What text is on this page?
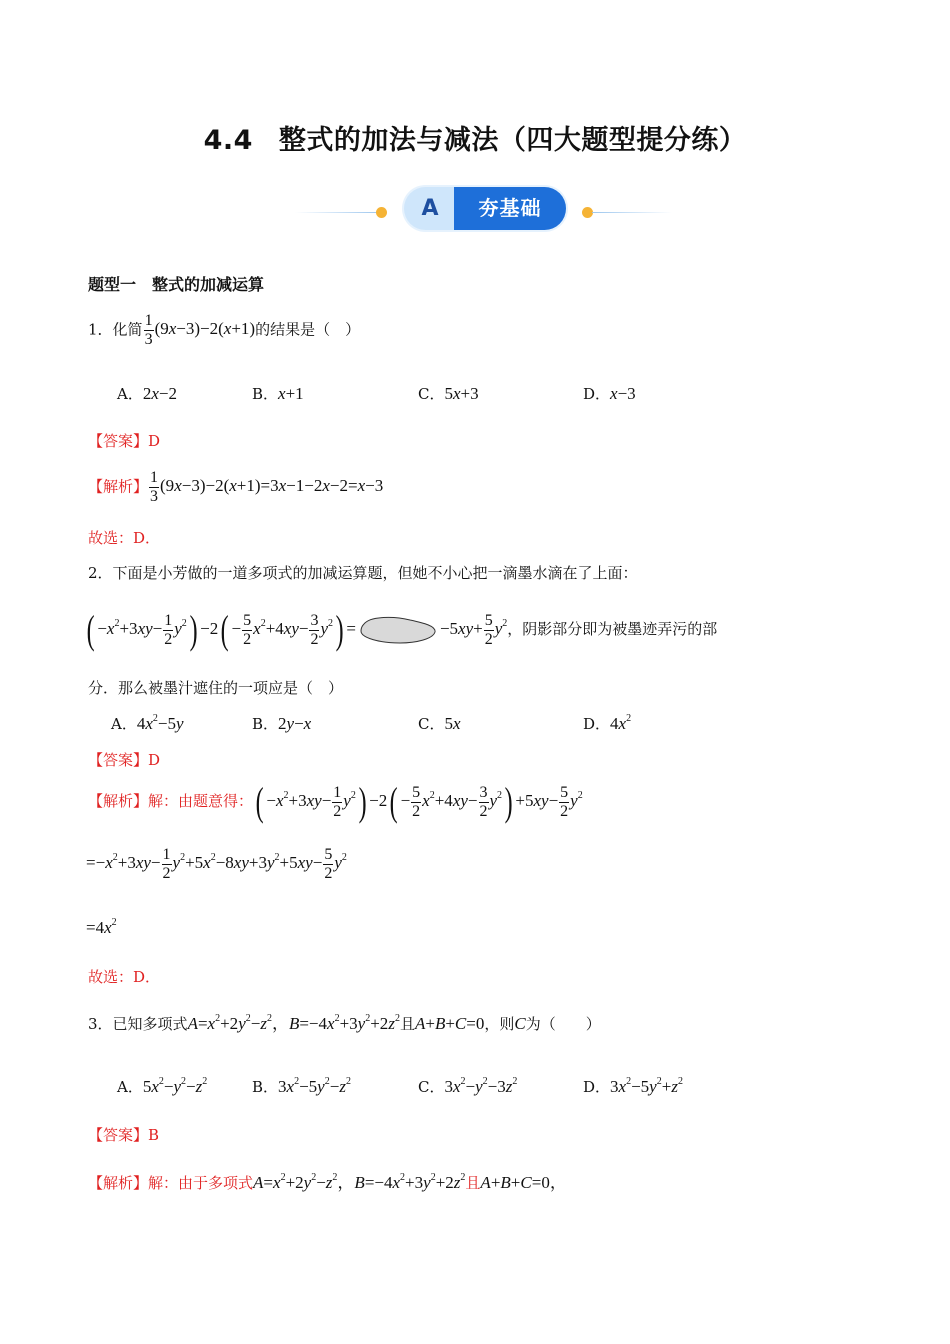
4.4 整式的加法与减法（四大题型提分练）
A	夯基础
题型一　整式的加减运算
1．化简 $\frac{1}{3} (9x-3)-2(x+1)$的结果是（　）
A．2x−2	B．x+1	C．5x+3	D．x−3
【答案】D
【解析】 $\frac{1}{3} (9x-3)-2(x+1)=3x-1-2x-2=x-3$
故选：D．
2．下面是小芳做的一道多项式的加减运算题，但她不小心把一滴墨水滴在了上面：
( $-x^2+3xy- \frac{1}{2} y^2) -2( - \frac{5}{2} x^2+4xy- \frac{3}{2} y^2)$ =	$-5xy+ \frac{5}{2} y^2$，阴影部分即为被墨迹弄污的部
分．那么被墨汁遮住的一项应是（　）
A．$4x^2-5y$	B．2y−x	C．5x	D．$4x^2$
【答案】D
【解析】解：由题意得：( $-x^2+3xy- \frac{1}{2} y^2) -2( - \frac{5}{2} x^2+4xy- \frac{3}{2} y^2) +5xy- \frac{5}{2} y^2$
$=-x^2+3xy- \frac{1}{2} y^2+5x^2-8xy+3y^2+5xy- \frac{5}{2} y^2$
$=4x^2$
故选：D．
3．已知多项式$A=x^2+2y^2-z^2$，$B=-4x^2+3y^2+2z^2$且A+B+C=0，则C为（　　）
A．$5x^2-y^2-z^2$	B．$3x^2-5y^2-z^2$	C．$3x^2-y^2-3z^2$	D．$3x^2-5y^2+z^2$
【答案】B
【解析】解：由于多项式$A=x^2+2y^2-z^2$，$B=-4x^2+3y^2+2z^2$且A+B+C=0，
